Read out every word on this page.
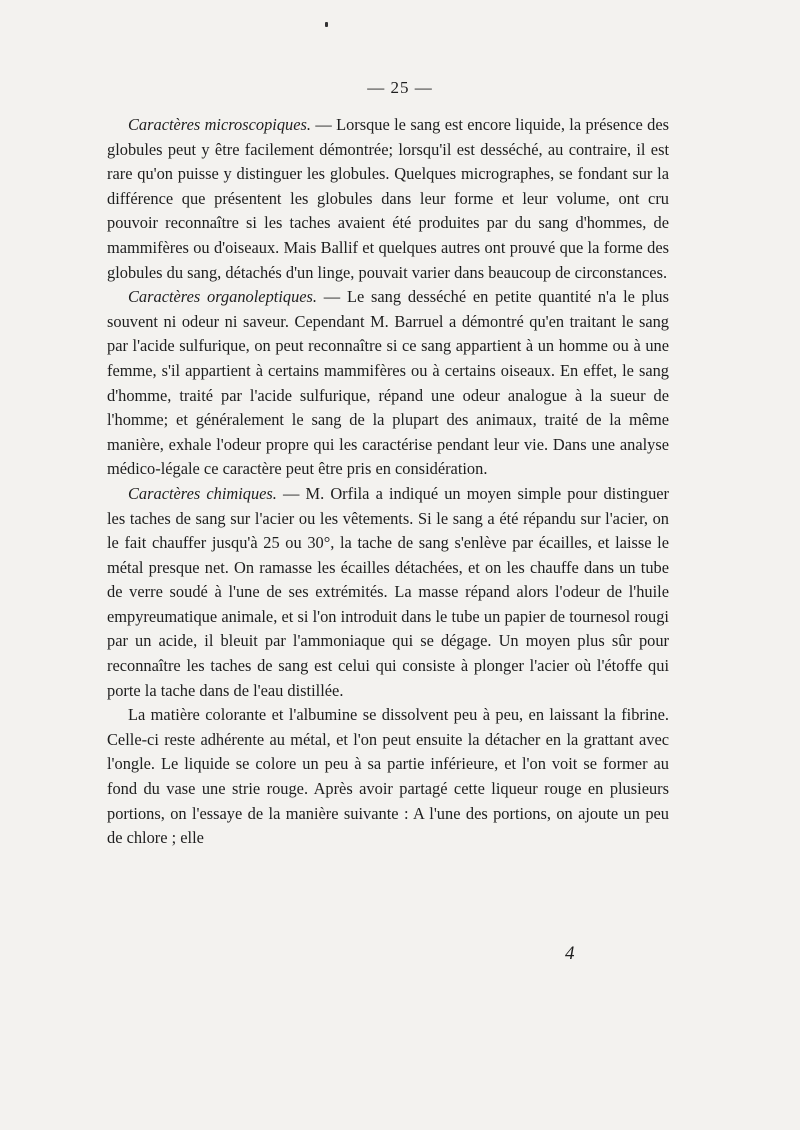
— 25 —

Caractères microscopiques. — Lorsque le sang est encore liquide, la présence des globules peut y être facilement démontrée; lorsqu'il est desséché, au contraire, il est rare qu'on puisse y distinguer les globules. Quelques micrographes, se fondant sur la différence que présentent les globules dans leur forme et leur volume, ont cru pouvoir reconnaître si les taches avaient été produites par du sang d'hommes, de mammifères ou d'oiseaux. Mais Ballif et quelques autres ont prouvé que la forme des globules du sang, détachés d'un linge, pouvait varier dans beaucoup de circonstances.

Caractères organoleptiques. — Le sang desséché en petite quantité n'a le plus souvent ni odeur ni saveur. Cependant M. Barruel a démontré qu'en traitant le sang par l'acide sulfurique, on peut reconnaître si ce sang appartient à un homme ou à une femme, s'il appartient à certains mammifères ou à certains oiseaux. En effet, le sang d'homme, traité par l'acide sulfurique, répand une odeur analogue à la sueur de l'homme; et généralement le sang de la plupart des animaux, traité de la même manière, exhale l'odeur propre qui les caractérise pendant leur vie. Dans une analyse médico-légale ce caractère peut être pris en considération.

Caractères chimiques. — M. Orfila a indiqué un moyen simple pour distinguer les taches de sang sur l'acier ou les vêtements. Si le sang a été répandu sur l'acier, on le fait chauffer jusqu'à 25 ou 30°, la tache de sang s'enlève par écailles, et laisse le métal presque net. On ramasse les écailles détachées, et on les chauffe dans un tube de verre soudé à l'une de ses extrémités. La masse répand alors l'odeur de l'huile empyreumatique animale, et si l'on introduit dans le tube un papier de tournesol rougi par un acide, il bleuit par l'ammoniaque qui se dégage. Un moyen plus sûr pour reconnaître les taches de sang est celui qui consiste à plonger l'acier où l'étoffe qui porte la tache dans de l'eau distillée.

La matière colorante et l'albumine se dissolvent peu à peu, en laissant la fibrine. Celle-ci reste adhérente au métal, et l'on peut ensuite la détacher en la grattant avec l'ongle. Le liquide se colore un peu à sa partie inférieure, et l'on voit se former au fond du vase une strie rouge. Après avoir partagé cette liqueur rouge en plusieurs portions, on l'essaye de la manière suivante : A l'une des portions, on ajoute un peu de chlore ; elle

4
